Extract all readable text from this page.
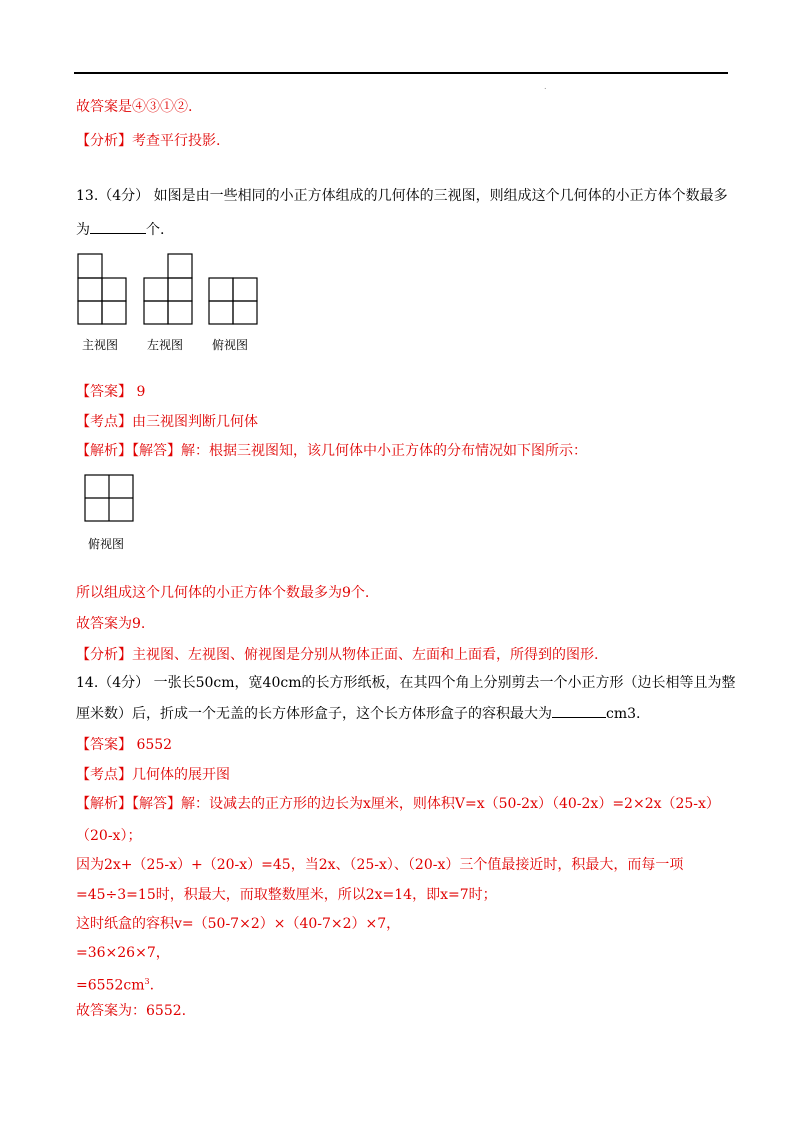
.
故答案是④③①②.
【分析】考查平行投影.
13.（4分） 如图是由一些相同的小正方体组成的几何体的三视图，则组成这个几何体的小正方体个数最多
为	个.
主视图 左视图 俯视图
【答案】 9
【考点】由三视图判断几何体
【解析】【解答】解：根据三视图知，该几何体中小正方体的分布情况如下图所示：
俯视图
所以组成这个几何体的小正方体个数最多为9个.
故答案为9.
【分析】主视图、左视图、俯视图是分别从物体正面、左面和上面看，所得到的图形.
14.（4分） 一张长50cm，宽40cm的长方形纸板，在其四个角上分别剪去一个小正方形（边长相等且为整
厘米数）后，折成一个无盖的长方体形盒子，这个长方体形盒子的容积最大为	cm3.
【答案】 6552
【考点】几何体的展开图
【解析】【解答】解：设减去的正方形的边长为x厘米，则体积V=x（50-2x）（40-2x）=2×2x（25-x）
（20-x）；
因为2x+（25-x）+（20-x）=45，当2x、（25-x）、（20-x）三个值最接近时，积最大，而每一项
=45÷3=15时，积最大，而取整数厘米，所以2x=14，即x=7时；
这时纸盒的容积v=（50-7×2）×（40-7×2）×7，
=36×26×7，
$=6552cm^3$.
故答案为：6552.
